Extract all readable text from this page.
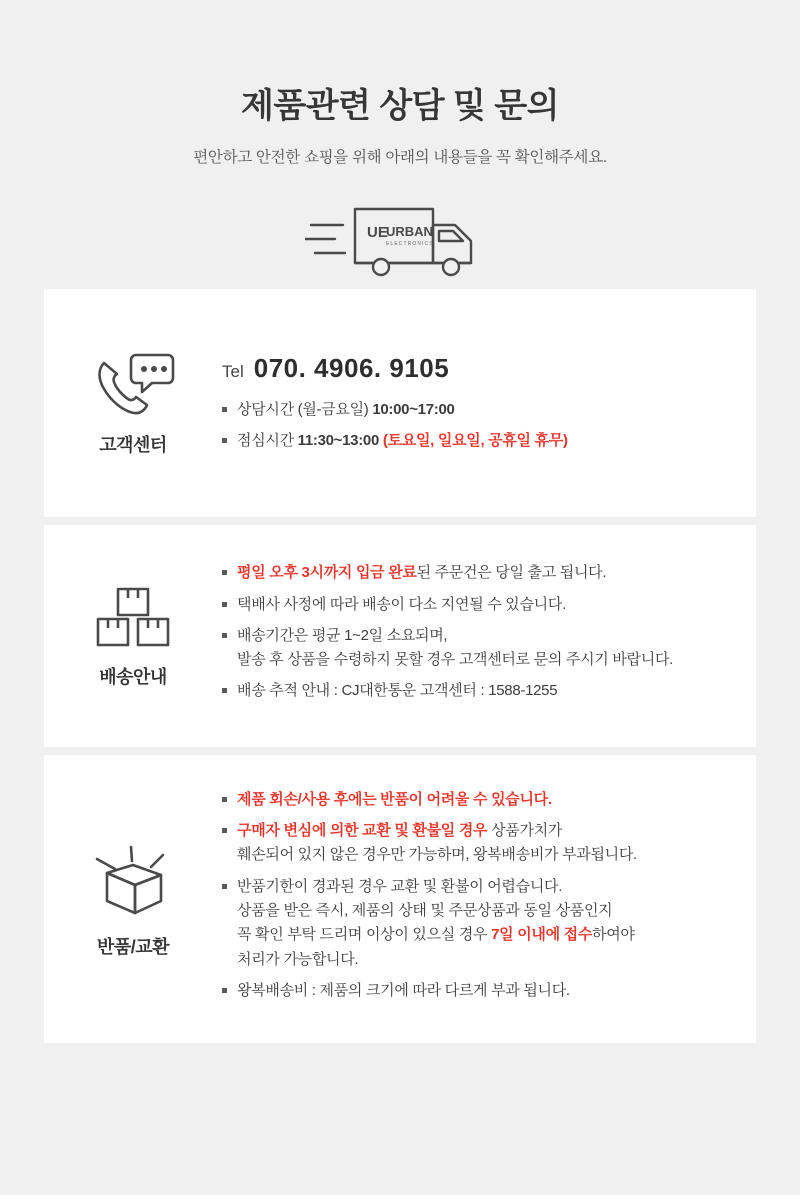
제품관련 상담 및 문의
편안하고 안전한 쇼핑을 위해 아래의 내용들을 꼭 확인해주세요.
UE
URBAN
ELECTRONICS
고객센터
Tel 070. 4906. 9105
상담시간 (월-금요일) 10:00~17:00
점심시간 11:30~13:00 (토요일, 일요일, 공휴일 휴무)
배송안내
평일 오후 3시까지 입금 완료된 주문건은 당일 출고 됩니다.
택배사 사정에 따라 배송이 다소 지연될 수 있습니다.
배송기간은 평균 1~2일 소요되며,
발송 후 상품을 수령하지 못할 경우 고객센터로 문의 주시기 바랍니다.
배송 추적 안내 : CJ대한통운 고객센터 : 1588-1255
반품/교환
제품 회손/사용 후에는 반품이 어려울 수 있습니다.
구매자 변심에 의한 교환 및 환불일 경우 상품가치가
훼손되어 있지 않은 경우만 가능하며, 왕복배송비가 부과됩니다.
반품기한이 경과된 경우 교환 및 환불이 어렵습니다.
상품을 받은 즉시, 제품의 상태 및 주문상품과 동일 상품인지
꼭 확인 부탁 드리며 이상이 있으실 경우 7일 이내에 접수하여야
처리가 가능합니다.
왕복배송비 : 제품의 크기에 따라 다르게 부과 됩니다.
